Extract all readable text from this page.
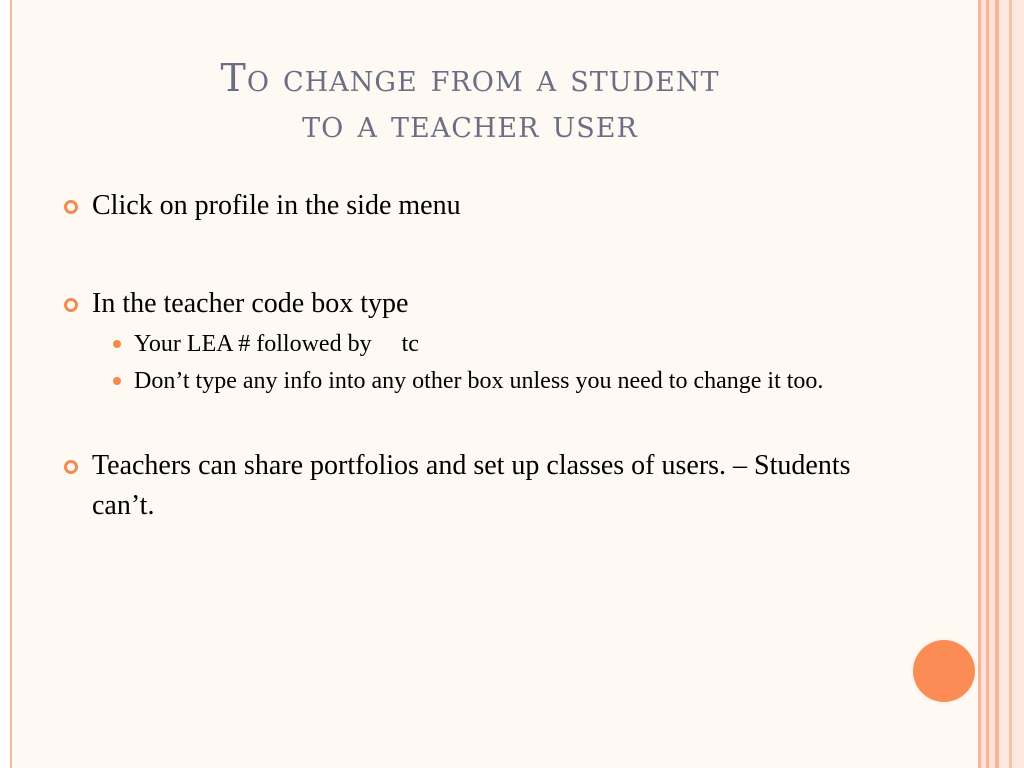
To change from a student
to a teacher user
Click on profile in the side menu
In the teacher code box type
Your LEA # followed by tc
Don’t type any info into any other box unless you need to change it too.
Teachers can share portfolios and set up classes of users. – Students can’t.
